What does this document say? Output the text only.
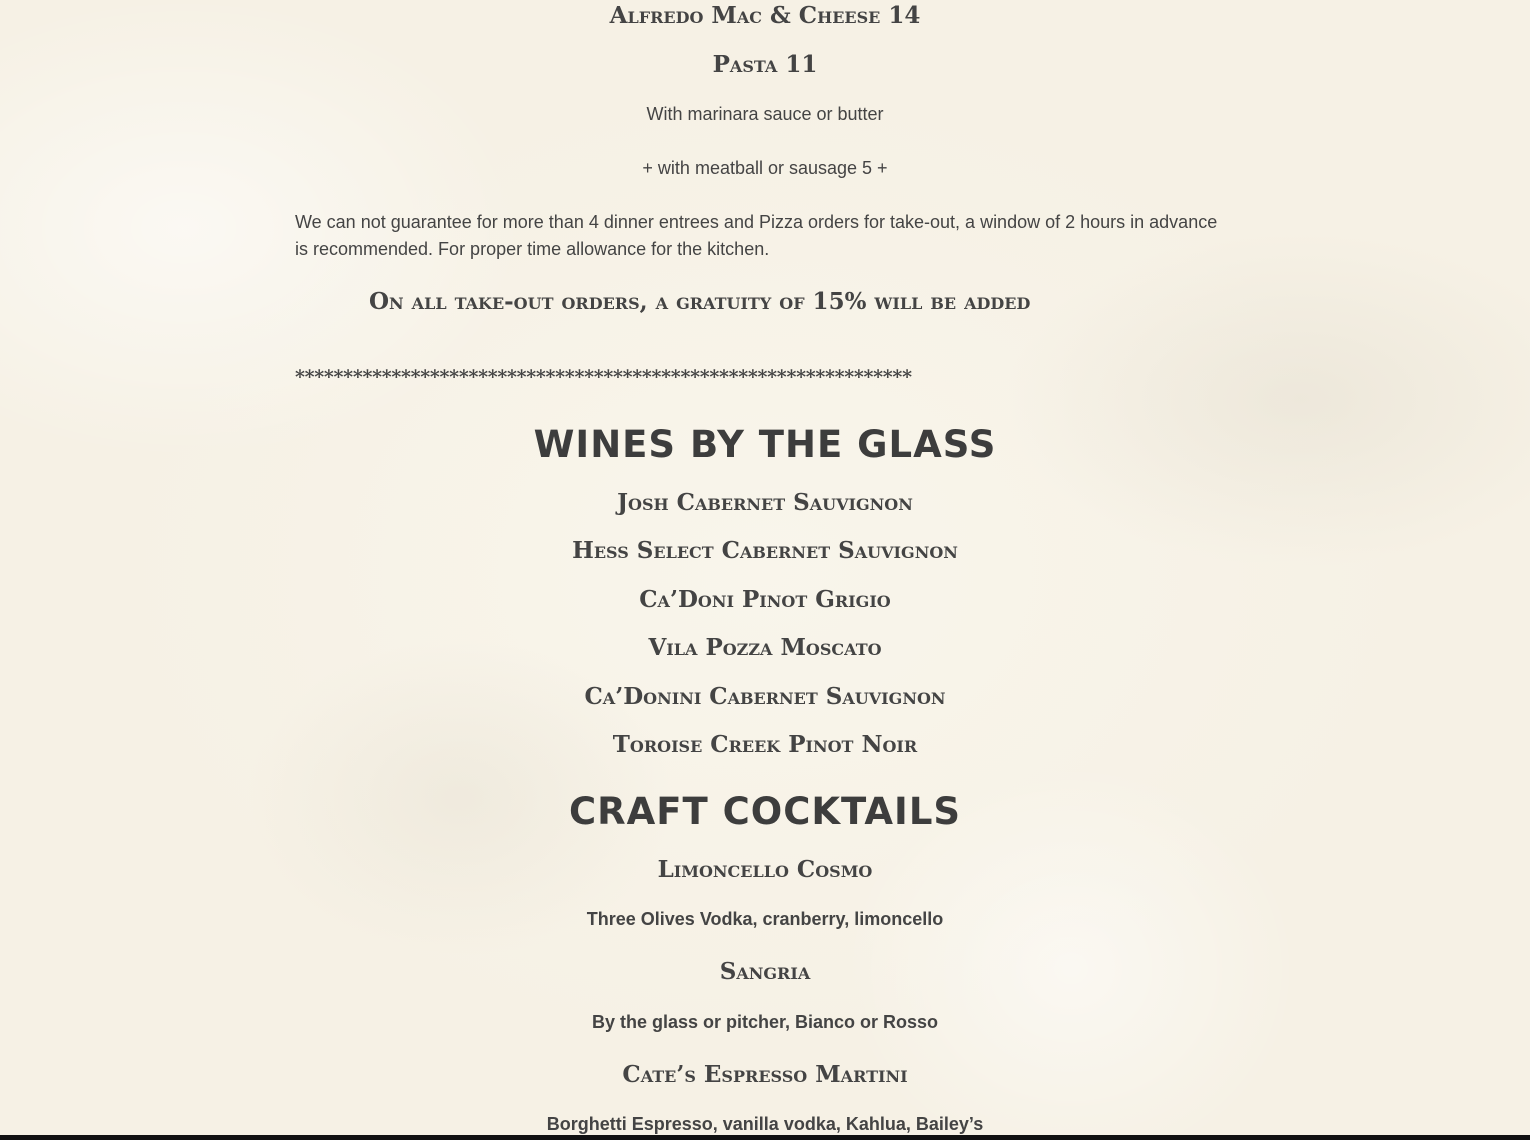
Alfredo Mac & Cheese 14
Pasta 11
With marinara sauce or butter
+ with meatball or sausage 5 +
We can not guarantee for more than 4 dinner entrees and Pizza orders for take-out, a window of 2 hours in advance is recommended. For proper time allowance for the kitchen.
On all take-out orders, a gratuity of 15% will be added
****************************************************************
WINES BY THE GLASS
Josh Cabernet Sauvignon
Hess Select Cabernet Sauvignon
Ca’Doni Pinot Grigio
Vila Pozza Moscato
Ca’Donini Cabernet Sauvignon
Toroise Creek Pinot Noir
CRAFT COCKTAILS
Limoncello Cosmo
Three Olives Vodka, cranberry, limoncello
Sangria
By the glass or pitcher, Bianco or Rosso
Cate’s Espresso Martini
Borghetti Espresso, vanilla vodka, Kahlua, Bailey’s
